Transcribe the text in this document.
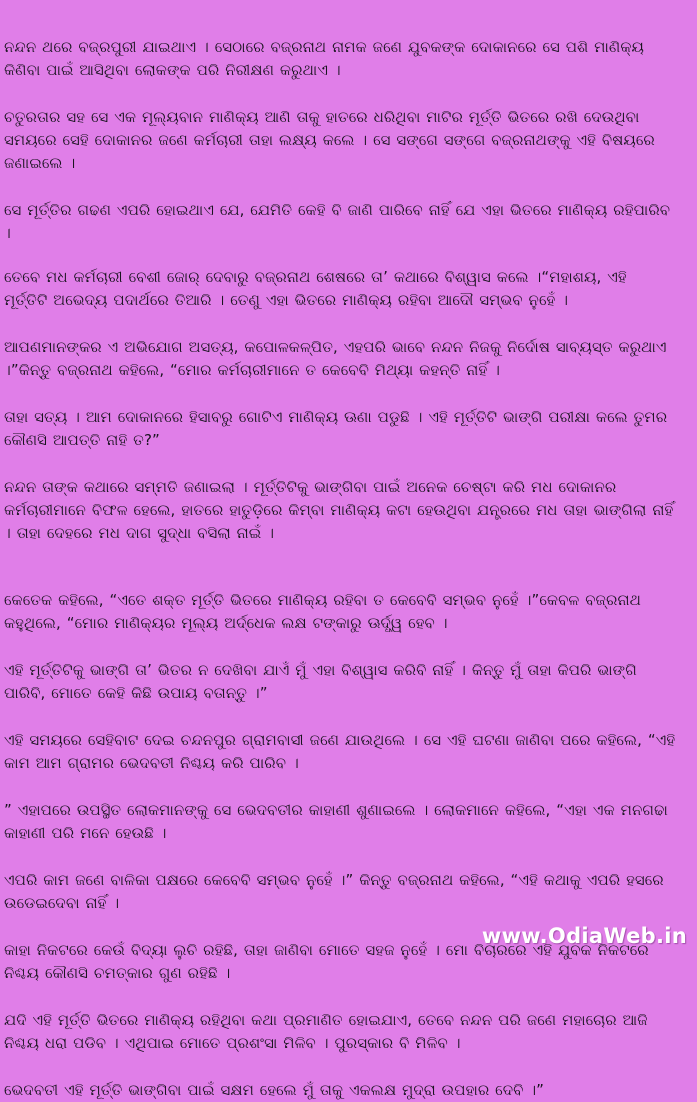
ନନ୍ଦନ ଥରେ ବଜ୍ରପୁରୀ ଯାଇଥାଏ । ସେଠାରେ ବଜ୍ରନାଥ ନାମକ ଜଣେ ଯୁବକଙ୍କ ଦୋକାନରେ ସେ ପଶି ମାଣିକ୍ୟ କିଣିବା ପାଇଁ ଆସିଥିବା ଲୋକଙ୍କ ପରି ନିରୀକ୍ଷଣ କରୁଥାଏ ।

ଚତୁରତାର ସହ ସେ ଏକ ମୂଲ୍ୟବାନ ମାଣିକ୍ୟ ଆଣି ତାକୁ ହାତରେ ଧରିଥିବା ମାଟିର ମୂର୍ତ୍ତି ଭିତରେ ରଖି ଦେଉଥିବା ସମୟରେ ସେହି ଦୋକାନର ଜଣେ କର୍ମଚାରୀ ତାହା ଲକ୍ଷ୍ୟ କଲେ । ସେ ସଙ୍ଗେ ସଙ୍ଗେ ବଜ୍ରନାଥଙ୍କୁ ଏହି ବିଷୟରେ ଜଣାଇଲେ ।

ସେ ମୂର୍ତ୍ତିର ଗଢଣ ଏପରି ହୋଇଥାଏ ଯେ, ଯେମିତି କେହି ବି ଜାଣି ପାରିବେ ନାହିଁ ଯେ ଏହା ଭିତରେ ମାଣିକ୍ୟ ରହିପାରିବ ।

ତେବେ ମଧ କର୍ମଚାରୀ ବେଶୀ ଜୋର୍ ଦେବାରୁ ବଜ୍ରନାଥ ଶେଷରେ ତା’ କଥାରେ ବିଶ୍ୱାସ କଲେ ।“ମହାଶୟ, ଏହି ମୂର୍ତ୍ତିଟି ଅଭେଦ୍ୟ ପଦାର୍ଥରେ ତିଆରି । ତେଣୁ ଏହା ଭିତରେ ମାଣିକ୍ୟ ରହିବା ଆଦୌ ସମ୍ଭବ ନୁହେଁ ।

ଆପଣମାନଙ୍କର ଏ ଅଭିଯୋଗ ଅସତ୍ୟ, କପୋଳକଳ୍ପିତ, ଏହପରି ଭାବେ ନନ୍ଦନ ନିଜକୁ ନିର୍ଦୋଷ ସାବ୍ୟସ୍ତ କରୁଥାଏ ।”କିନ୍ତୁ ବଜ୍ରନାଥ କହିଲେ, “ମୋର କର୍ମଚାରୀମାନେ ତ କେବେବି ମିଥ୍ୟା କହନ୍ତି ନାହିଁ ।

ତାହା ସତ୍ୟ । ଆମ ଦୋକାନରେ ହିସାବରୁ ଗୋଟିଏ ମାଣିକ୍ୟ ଊଣା ପଡୁଛି । ଏହି ମୂର୍ତ୍ତିଟି ଭାଙ୍ଗି ପରୀକ୍ଷା କଲେ ତୁମର କୌଣସି ଆପତ୍ତି ନାହି ତ?”

ନନ୍ଦନ ତାଙ୍କ କଥାରେ ସମ୍ମତି ଜଣାଇଲା । ମୂର୍ତ୍ତିଟିକୁ ଭାଙ୍ଗିବା ପାଇଁ ଅନେକ ଚେଷ୍ଟା କରି ମଧ ଦୋକାନର କର୍ମଚାରୀମାନେ ବିଫଳ ହେଲେ, ହାତରେ ହାତୁଡ଼ିରେ କିମ୍ବା ମାଣିକ୍ୟ କଟା ହେଉଥିବା ଯନ୍ତ୍ରରେ ମଧ ତାହା ଭାଙ୍ଗିଲା ନାହିଁ । ତାହା ଦେହରେ ମଧ ଦାଗ ସୁଦ୍ଧା ବସିଲା ନାଇଁ ।

କେତେକ କହିଲେ, “ଏତେ ଶକ୍ତ ମୂର୍ତ୍ତି ଭିତରେ ମାଣିକ୍ୟ ରହିବା ତ କେବେବି ସମ୍ଭବ ନୁହେଁ ।”କେବଳ ବଜ୍ରନାଥ କହୁଥିଲେ, “ମୋର ମାଣିକ୍ୟର ମୂଲ୍ୟ ଅର୍ଦ୍ଧେକ ଲକ୍ଷ ଟଙ୍କାରୁ ଊର୍ଦ୍ଧ୍ୱ ହେବ ।

ଏହି ମୂର୍ତ୍ତିଟିକୁ ଭାଙ୍ଗି ତା’ ଭିତର ନ ଦେଖିବା ଯାଏଁ ମୁଁ ଏହା ବିଶ୍ୱାସ କରିବି ନାହିଁ । କିନ୍ତୁ ମୁଁ ତାହା କିପରି ଭାଙ୍ଗି ପାରିବି, ମୋତେ କେହି କିଛି ଉପାୟ ବତାନ୍ତୁ ।”

ଏହି ସମୟରେ ସେହିବାଟ ଦେଇ ଚନ୍ଦନପୁର ଗ୍ରାମବାସୀ ଜଣେ ଯାଉଥିଲେ । ସେ ଏହି ଘଟଣା ଜାଣିବା ପରେ କହିଲେ, “ଏହି କାମ ଆମ ଗ୍ରାମର ଭେଦବତୀ ନିଶ୍ଚୟ କରି ପାରିବ ।

” ଏହାପରେ ଉପସ୍ଥିତ ଲୋକମାନଙ୍କୁ ସେ ଭେଦବତୀର କାହାଣୀ ଶୁଣାଇଲେ । ଲୋକମାନେ କହିଲେ, “ଏହା ଏକ ମନଗଢା କାହାଣୀ ପରି ମନେ ହେଉଛି ।

ଏପରି କାମ ଜଣେ ବାଳିକା ପକ୍ଷରେ କେବେବି ସମ୍ଭବ ନୁହେଁ ।” କିନ୍ତୁ ବଜ୍ରନାଥ କହିଲେ, “ଏହି କଥାକୁ ଏପରି ହସରେ ଉଡେଇଦେବା ନାହିଁ ।

କାହା ନିକଟରେ କେଉଁ ବିଦ୍ୟା ଲୁଚି ରହିଛି, ତାହା ଜାଣିବା ମୋତେ ସହଜ ନୁହେଁ । ମୋ ବିଚାରରେ ଏହି ଯୁବକ ନିକଟରେ ନିଶ୍ଚୟ କୌଣସି ଚମତ୍କାର ଗୁଣ ରହିଛି ।

ଯଦି ଏହି ମୂର୍ତ୍ତି ଭିତରେ ମାଣିକ୍ୟ ରହିଥିବା କଥା ପ୍ରମାଣିତ ହୋଇଯାଏ, ତେବେ ନନ୍ଦନ ପରି ଜଣେ ମହାଚୋର ଆଜି ନିଶ୍ଚୟ ଧରା ପଡିବ । ଏଥିପାଇ ମୋତେ ପ୍ରଶଂସା ମିଳିବ । ପୁରସ୍କାର ବି ମିଳିବ ।

ଭେଦବତୀ ଏହି ମୂର୍ତ୍ତି ଭାଙ୍ଗିବା ପାଇଁ ସକ୍ଷମ ହେଲେ ମୁଁ ତାକୁ ଏକଲକ୍ଷ ମୁଦ୍ରା ଉପହାର ଦେବି ।”

www.OdiaWeb.in
